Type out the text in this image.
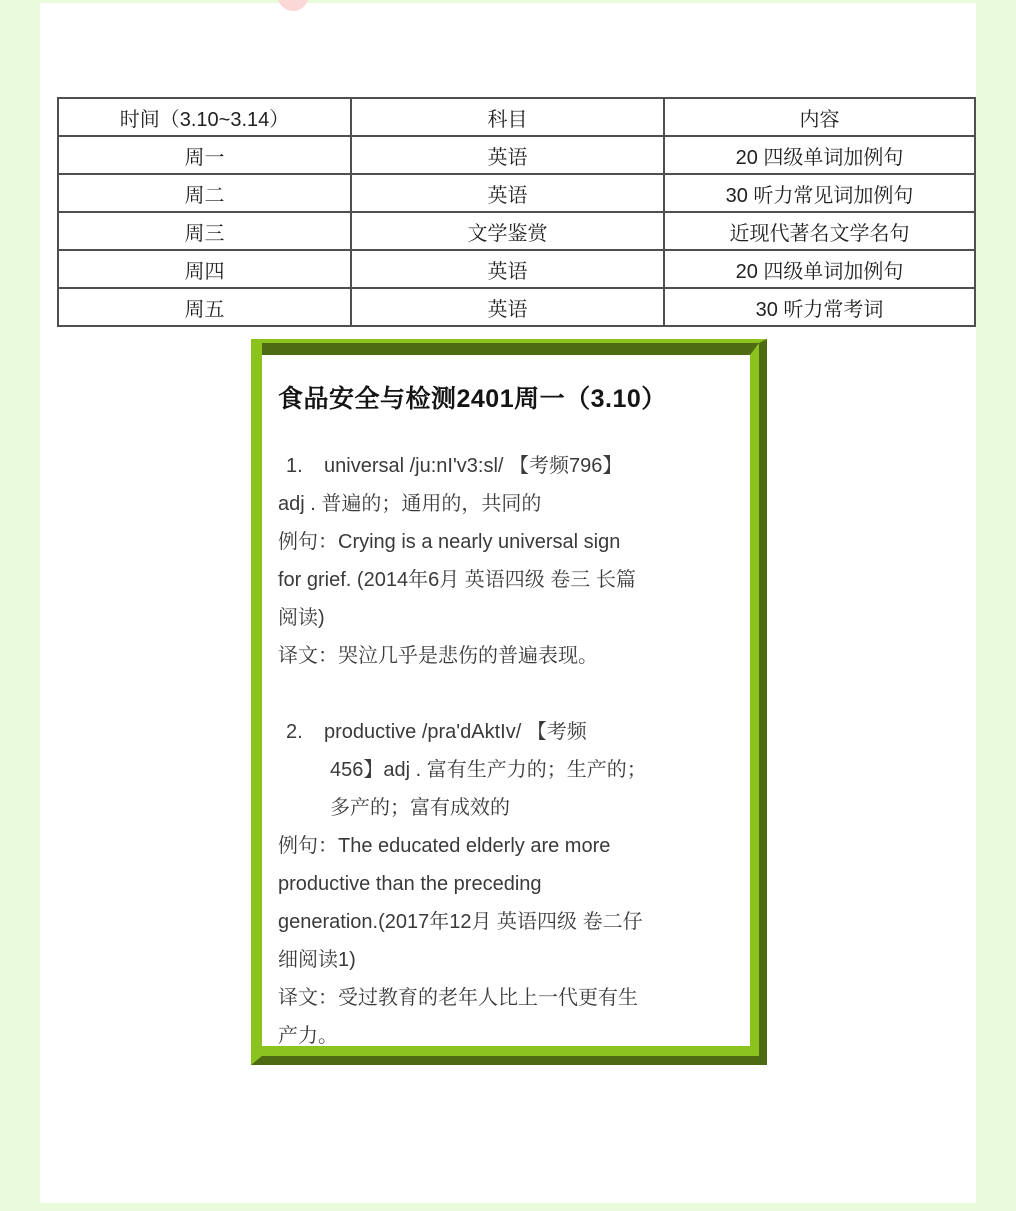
时间（3.10~3.14）	科目	内容
周一	英语	20 四级单词加例句
周二	英语	30 听力常见词加例句
周三	文学鉴赏	近现代著名文学名句
周四	英语	20 四级单词加例句
周五	英语	30 听力常考词
食品安全与检测2401周一（3.10）
1.	universal /ju:nI'v3:sl/ 【考频796】
adj . 普遍的；通用的，共同的
例句：Crying is a nearly universal sign
for grief. (2014年6月 英语四级 卷三 长篇
阅读)
译文：哭泣几乎是悲伤的普遍表现。
2.	productive /pra'dAktIv/ 【考频
456】adj . 富有生产力的；生产的；
多产的；富有成效的
例句：The educated elderly are more
productive than the preceding
generation.(2017年12月 英语四级 卷二仔
细阅读1)
译文：受过教育的老年人比上一代更有生
产力。
